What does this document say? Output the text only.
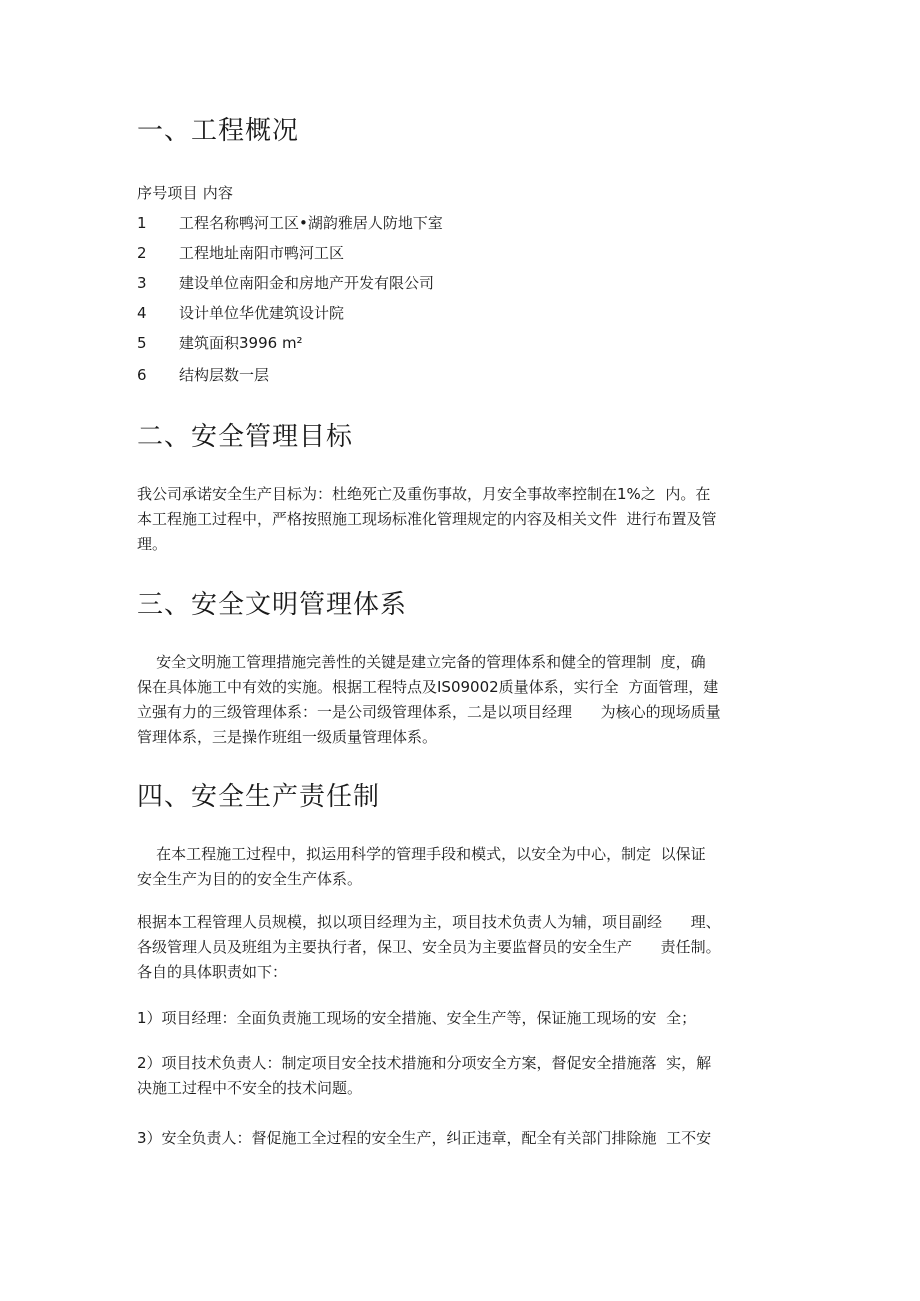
一、工程概况
序号项目 内容
1 工程名称鸭河工区•湖韵雅居人防地下室
2 工程地址南阳市鸭河工区
3 建设单位南阳金和房地产开发有限公司
4 设计单位华优建筑设计院
5 建筑面积3996 m²
6 结构层数一层
二、安全管理目标
我公司承诺安全生产目标为：杜绝死亡及重伤事故，月安全事故率控制在1%之  内。在
本工程施工过程中，严格按照施工现场标准化管理规定的内容及相关文件  进行布置及管
理。
三、安全文明管理体系
安全文明施工管理措施完善性的关键是建立完备的管理体系和健全的管理制  度，确
保在具体施工中有效的实施。根据工程特点及IS09002质量体系，实行全  方面管理，建
立强有力的三级管理体系：一是公司级管理体系，二是以项目经理      为核心的现场质量
管理体系，三是操作班组一级质量管理体系。
四、安全生产责任制
在本工程施工过程中，拟运用科学的管理手段和模式，以安全为中心，制定  以保证
安全生产为目的的安全生产体系。
根据本工程管理人员规模，拟以项目经理为主，项目技术负责人为辅，项目副经      理、
各级管理人员及班组为主要执行者，保卫、安全员为主要监督员的安全生产      责任制。
各自的具体职责如下：
1）项目经理：全面负责施工现场的安全措施、安全生产等，保证施工现场的安  全；
2）项目技术负责人：制定项目安全技术措施和分项安全方案，督促安全措施落  实，解
决施工过程中不安全的技术问题。
3）安全负责人：督促施工全过程的安全生产，纠正违章，配全有关部门排除施  工不安
